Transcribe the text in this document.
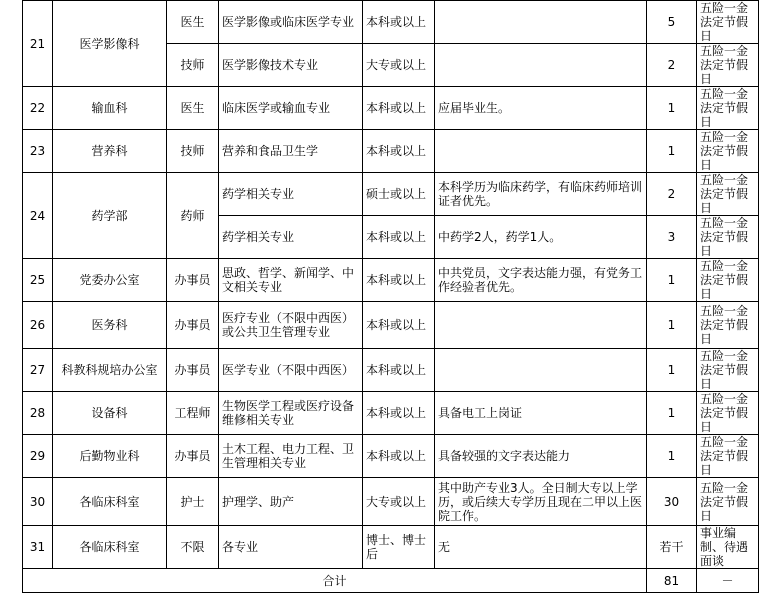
21	医学影像科	医生	医学影像或临床医学专业	本科或以上		5	五险一金法定节假日
		技师	医学影像技术专业	大专或以上		2	五险一金法定节假日
22	输血科	医生	临床医学或输血专业	本科或以上	应届毕业生。	1	五险一金法定节假日
23	营养科	技师	营养和食品卫生学	本科或以上		1	五险一金法定节假日
24	药学部	药师	药学相关专业	硕士或以上	本科学历为临床药学，有临床药师培训证者优先。	2	五险一金法定节假日
			药学相关专业	本科或以上	中药学2人，药学1人。	3	五险一金法定节假日
25	党委办公室	办事员	思政、哲学、新闻学、中文相关专业	本科或以上	中共党员，文字表达能力强，有党务工作经验者优先。	1	五险一金法定节假日
26	医务科	办事员	医疗专业（不限中西医）或公共卫生管理专业	本科或以上		1	五险一金法定节假日
27	科教科规培办公室	办事员	医学专业（不限中西医）	本科或以上		1	五险一金法定节假日
28	设备科	工程师	生物医学工程或医疗设备维修相关专业	本科或以上	具备电工上岗证	1	五险一金法定节假日
29	后勤物业科	办事员	土木工程、电力工程、卫生管理相关专业	本科或以上	具备较强的文字表达能力	1	五险一金法定节假日
30	各临床科室	护士	护理学、助产	大专或以上	其中助产专业3人。全日制大专以上学历，或后续大专学历且现在二甲以上医院工作。	30	五险一金法定节假日
31	各临床科室	不限	各专业	博士、博士后	无	若干	事业编制、待遇面谈
合计						81	－
